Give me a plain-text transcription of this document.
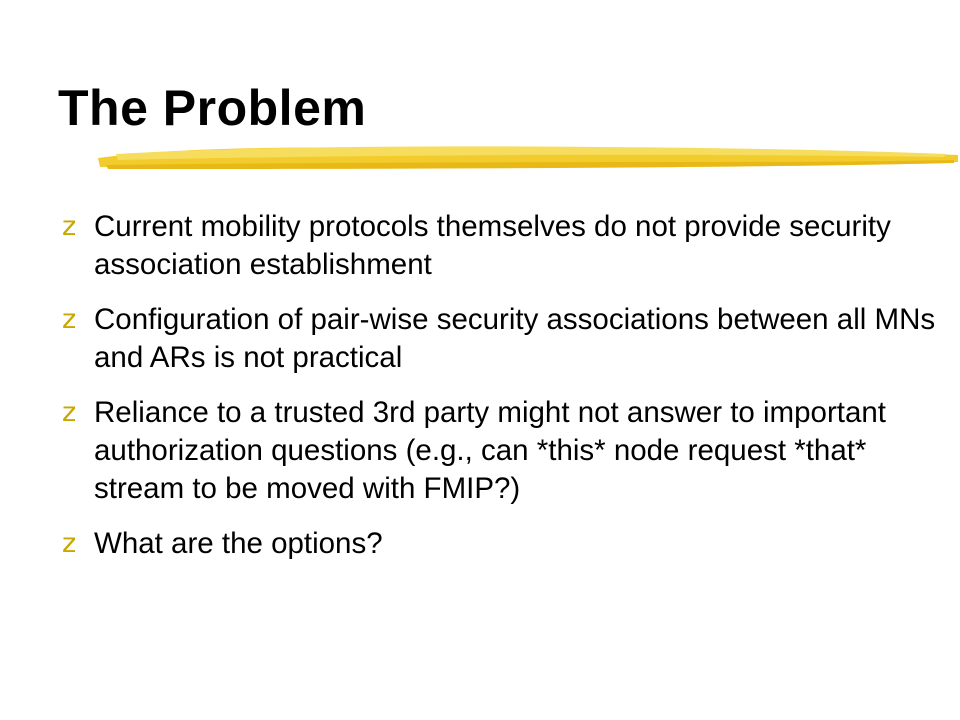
The Problem
z Current mobility protocols themselves do not provide security association establishment
z Configuration of pair-wise security associations between all MNs and ARs is not practical
z Reliance to a trusted 3rd party might not answer to important authorization questions (e.g., can *this* node request *that* stream to be moved with FMIP?)
z What are the options?
